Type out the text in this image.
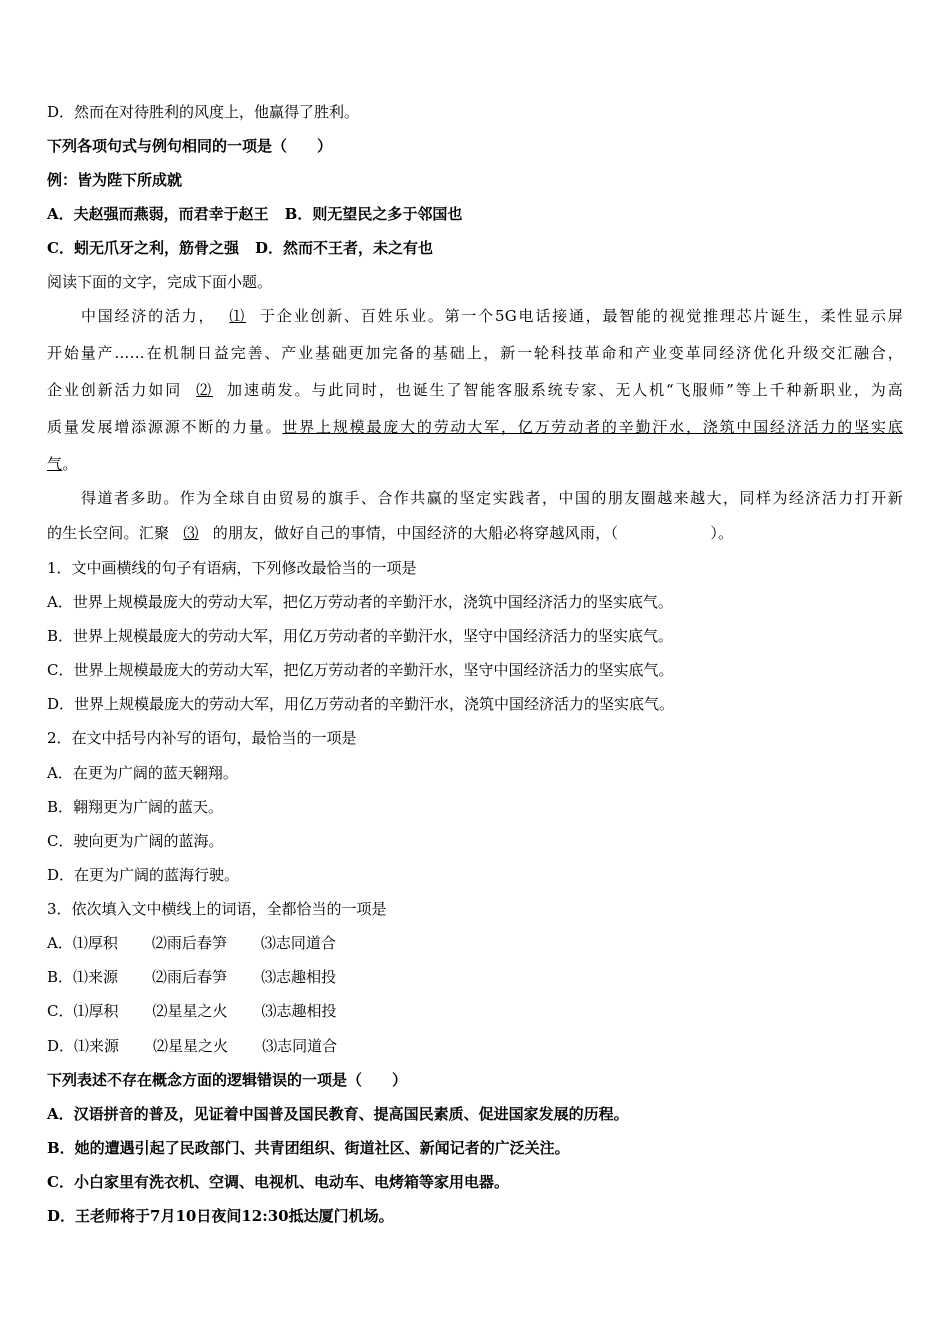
D．然而在对待胜利的风度上，他赢得了胜利。
下列各项句式与例句相同的一项是（　　）
例：皆为陛下所成就
A．夫赵强而燕弱，而君幸于赵王 B．则无望民之多于邻国也
C．蚓无爪牙之利，筋骨之强 D．然而不王者，未之有也
阅读下面的文字，完成下面小题。
中国经济的活力， ⑴ 于企业创新、百姓乐业。第一个5G电话接通，最智能的视觉推理芯片诞生，柔性显示屏
开始量产……在机制日益完善、产业基础更加完备的基础上，新一轮科技革命和产业变革同经济优化升级交汇融合，
企业创新活力如同 ⑵ 加速萌发。与此同时，也诞生了智能客服系统专家、无人机“飞服师”等上千种新职业，为高
质量发展增添源源不断的力量。世界上规模最庞大的劳动大军，亿万劳动者的辛勤汗水，浇筑中国经济活力的坚实底
气。
得道者多助。作为全球自由贸易的旗手、合作共赢的坚定实践者，中国的朋友圈越来越大，同样为经济活力打开新
的生长空间。汇聚 ⑶ 的朋友，做好自己的事情，中国经济的大船必将穿越风雨，（	）。
1．文中画横线的句子有语病，下列修改最恰当的一项是
A．世界上规模最庞大的劳动大军，把亿万劳动者的辛勤汗水，浇筑中国经济活力的坚实底气。
B．世界上规模最庞大的劳动大军，用亿万劳动者的辛勤汗水，坚守中国经济活力的坚实底气。
C．世界上规模最庞大的劳动大军，把亿万劳动者的辛勤汗水，坚守中国经济活力的坚实底气。
D．世界上规模最庞大的劳动大军，用亿万劳动者的辛勤汗水，浇筑中国经济活力的坚实底气。
2．在文中括号内补写的语句，最恰当的一项是
A．在更为广阔的蓝天翱翔。
B．翱翔更为广阔的蓝天。
C．驶向更为广阔的蓝海。
D．在更为广阔的蓝海行驶。
3．依次填入文中横线上的词语，全都恰当的一项是
A．⑴厚积 ⑵雨后春笋 ⑶志同道合
B．⑴来源 ⑵雨后春笋 ⑶志趣相投
C．⑴厚积 ⑵星星之火 ⑶志趣相投
D．⑴来源 ⑵星星之火 ⑶志同道合
下列表述不存在概念方面的逻辑错误的一项是（　　）
A．汉语拼音的普及，见证着中国普及国民教育、提高国民素质、促进国家发展的历程。
B．她的遭遇引起了民政部门、共青团组织、街道社区、新闻记者的广泛关注。
C．小白家里有洗衣机、空调、电视机、电动车、电烤箱等家用电器。
D．王老师将于7月10日夜间12:30抵达厦门机场。
